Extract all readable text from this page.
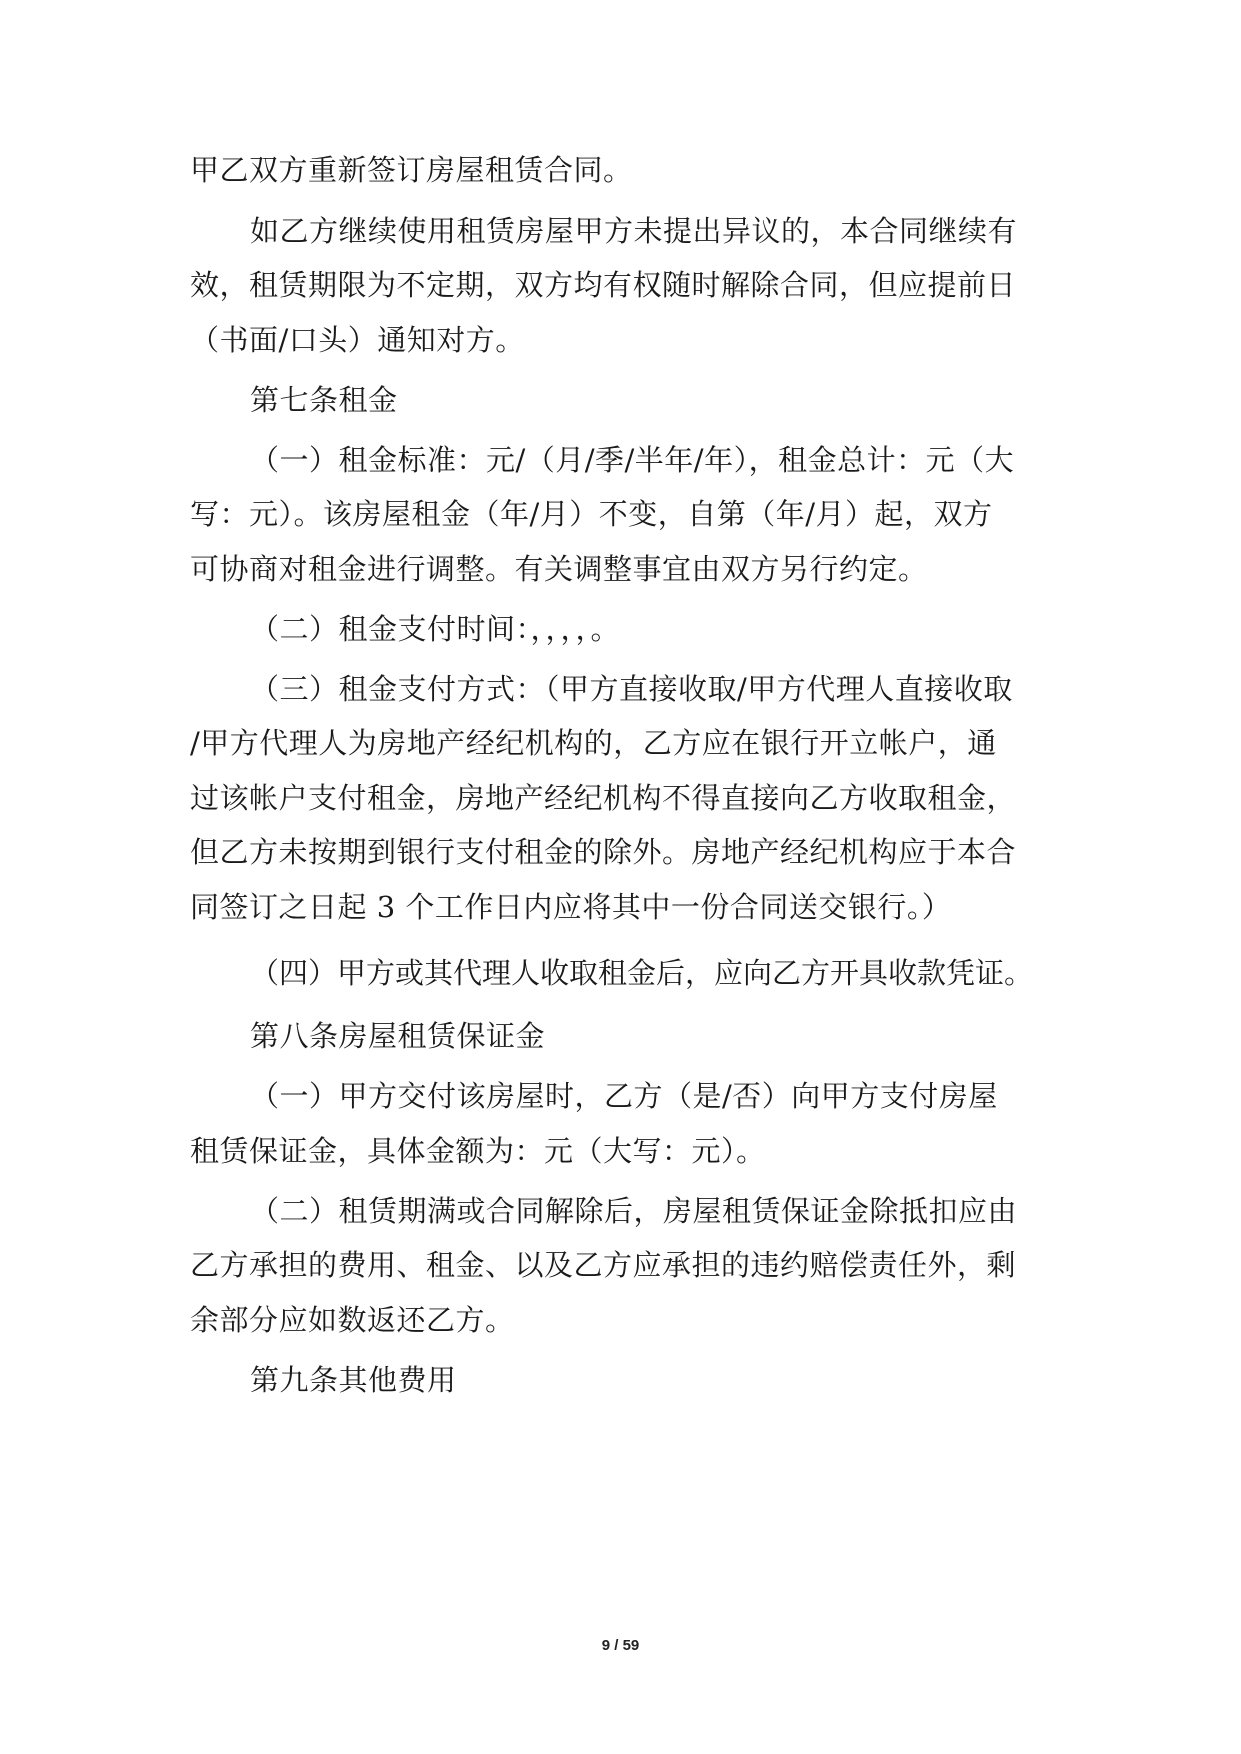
甲乙双方重新签订房屋租赁合同。
如乙方继续使用租赁房屋甲方未提出异议的，本合同继续有
效，租赁期限为不定期，双方均有权随时解除合同，但应提前日
（书面/口头）通知对方。
第七条租金
（一）租金标准：元/（月/季/半年/年），租金总计：元（大
写：元）。该房屋租金（年/月）不变，自第（年/月）起，双方
可协商对租金进行调整。有关调整事宜由双方另行约定。
（二）租金支付时间：，，，，。
（三）租金支付方式：（甲方直接收取/甲方代理人直接收取
/甲方代理人为房地产经纪机构的，乙方应在银行开立帐户，通
过该帐户支付租金，房地产经纪机构不得直接向乙方收取租金，
但乙方未按期到银行支付租金的除外。房地产经纪机构应于本合
同签订之日起 3 个工作日内应将其中一份合同送交银行。）
（四）甲方或其代理人收取租金后，应向乙方开具收款凭证。
第八条房屋租赁保证金
（一）甲方交付该房屋时，乙方（是/否）向甲方支付房屋
租赁保证金，具体金额为：元（大写：元）。
（二）租赁期满或合同解除后，房屋租赁保证金除抵扣应由
乙方承担的费用、租金、以及乙方应承担的违约赔偿责任外，剩
余部分应如数返还乙方。
第九条其他费用
9 / 59
